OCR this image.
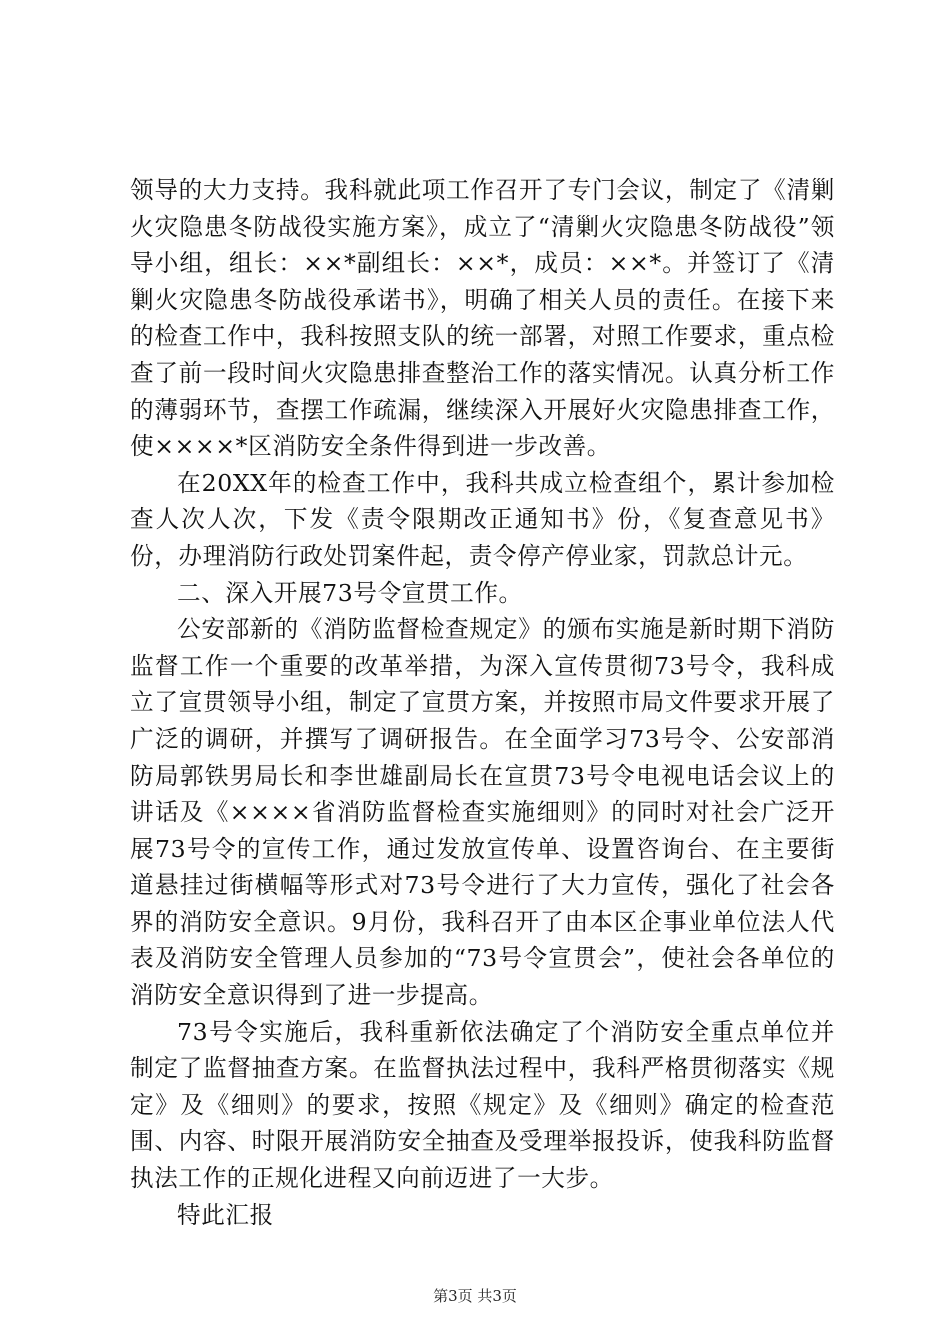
领导的大力支持。我科就此项工作召开了专门会议，制定了《清剿火灾隐患冬防战役实施方案》，成立了“清剿火灾隐患冬防战役”领导小组，组长：××*副组长：××*，成员：××*。并签订了《清剿火灾隐患冬防战役承诺书》，明确了相关人员的责任。在接下来的检查工作中，我科按照支队的统一部署，对照工作要求，重点检查了前一段时间火灾隐患排查整治工作的落实情况。认真分析工作的薄弱环节，查摆工作疏漏，继续深入开展好火灾隐患排查工作，使××××*区消防安全条件得到进一步改善。

在20XX年的检查工作中，我科共成立检查组个，累计参加检查人次人次，下发《责令限期改正通知书》份，《复查意见书》份，办理消防行政处罚案件起，责令停产停业家，罚款总计元。

二、深入开展73号令宣贯工作。

公安部新的《消防监督检查规定》的颁布实施是新时期下消防监督工作一个重要的改革举措，为深入宣传贯彻73号令，我科成立了宣贯领导小组，制定了宣贯方案，并按照市局文件要求开展了广泛的调研，并撰写了调研报告。在全面学习73号令、公安部消防局郭铁男局长和李世雄副局长在宣贯73号令电视电话会议上的讲话及《××××省消防监督检查实施细则》的同时对社会广泛开展73号令的宣传工作，通过发放宣传单、设置咨询台、在主要街道悬挂过街横幅等形式对73号令进行了大力宣传，强化了社会各界的消防安全意识。9月份，我科召开了由本区企事业单位法人代表及消防安全管理人员参加的“73号令宣贯会”，使社会各单位的消防安全意识得到了进一步提高。

73号令实施后，我科重新依法确定了个消防安全重点单位并制定了监督抽查方案。在监督执法过程中，我科严格贯彻落实《规定》及《细则》的要求，按照《规定》及《细则》确定的检查范围、内容、时限开展消防安全抽查及受理举报投诉，使我科防监督执法工作的正规化进程又向前迈进了一大步。

特此汇报

第3页 共3页
